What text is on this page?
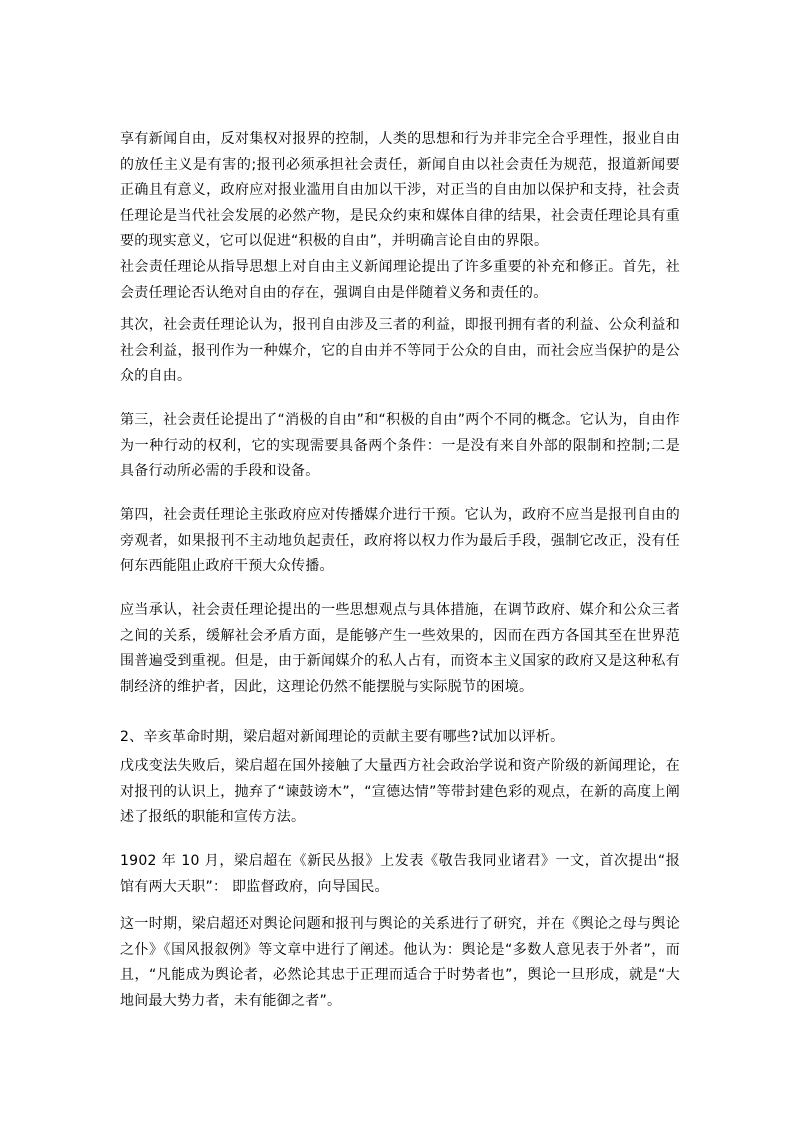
享有新闻自由，反对集权对报界的控制，人类的思想和行为并非完全合乎理性，报业自由的放任主义是有害的;报刊必须承担社会责任，新闻自由以社会责任为规范，报道新闻要正确且有意义，政府应对报业滥用自由加以干涉，对正当的自由加以保护和支持，社会责任理论是当代社会发展的必然产物，是民众约束和媒体自律的结果，社会责任理论具有重要的现实意义，它可以促进“积极的自由”，并明确言论自由的界限。

社会责任理论从指导思想上对自由主义新闻理论提出了许多重要的补充和修正。首先，社会责任理论否认绝对自由的存在，强调自由是伴随着义务和责任的。

其次，社会责任理论认为，报刊自由涉及三者的利益，即报刊拥有者的利益、公众利益和社会利益，报刊作为一种媒介，它的自由并不等同于公众的自由，而社会应当保护的是公众的自由。

第三，社会责任论提出了“消极的自由”和“积极的自由”两个不同的概念。它认为，自由作为一种行动的权利，它的实现需要具备两个条件：一是没有来自外部的限制和控制;二是具备行动所必需的手段和设备。

第四，社会责任理论主张政府应对传播媒介进行干预。它认为，政府不应当是报刊自由的旁观者，如果报刊不主动地负起责任，政府将以权力作为最后手段，强制它改正，没有任何东西能阻止政府干预大众传播。

应当承认，社会责任理论提出的一些思想观点与具体措施，在调节政府、媒介和公众三者之间的关系，缓解社会矛盾方面，是能够产生一些效果的，因而在西方各国其至在世界范围普遍受到重视。但是，由于新闻媒介的私人占有，而资本主义国家的政府又是这种私有制经济的维护者，因此，这理论仍然不能摆脱与实际脱节的困境。

2、辛亥革命时期，梁启超对新闻理论的贡献主要有哪些?试加以评析。

戊戌变法失败后，梁启超在国外接触了大量西方社会政治学说和资产阶级的新闻理论，在对报刊的认识上，抛弃了“谏鼓谤木”，“宣德达情”等带封建色彩的观点，在新的高度上阐述了报纸的职能和宣传方法。

1902 年 10 月，梁启超在《新民丛报》上发表《敬告我同业诸君》一文，首次提出“报馆有两大天职”： 即监督政府，向导国民。

这一时期，梁启超还对舆论问题和报刊与舆论的关系进行了研究，并在《舆论之母与舆论之仆》《国风报叙例》等文章中进行了阐述。他认为：舆论是“多数人意见表于外者”，而且，“凡能成为舆论者，必然论其忠于正理而适合于时势者也”，舆论一旦形成，就是“大地间最大势力者，未有能御之者”。
